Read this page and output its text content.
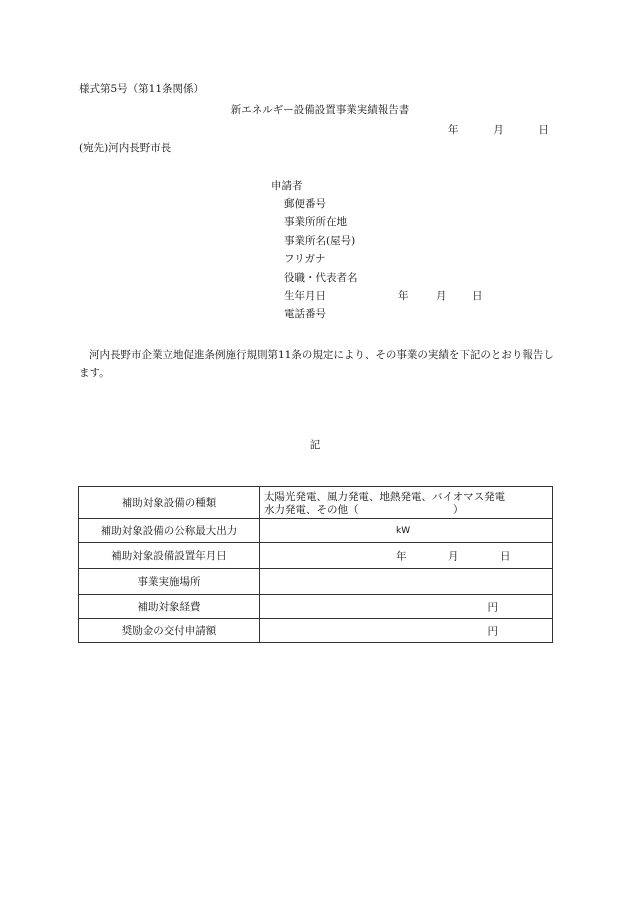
様式第5号（第11条関係）
新エネルギー設備設置事業実績報告書
年	月	日
(宛先)河内長野市長
申請者
郵便番号
事業所所在地
事業所名(屋号)
フリガナ
役職・代表者名
生年月日	年	月 日
電話番号
河内長野市企業立地促進条例施行規則第11条の規定により、その事業の実績を下記のとおり報告します。
記
補助対象設備の種類	太陽光発電、風力発電、地熱発電、バイオマス発電
水力発電、その他（　　　　　　　　　）

補助対象設備の公称最大出力	kW

補助対象設備設置年月日	年 月 日

事業実施場所	
補助対象経費	円

奨励金の交付申請額	円
